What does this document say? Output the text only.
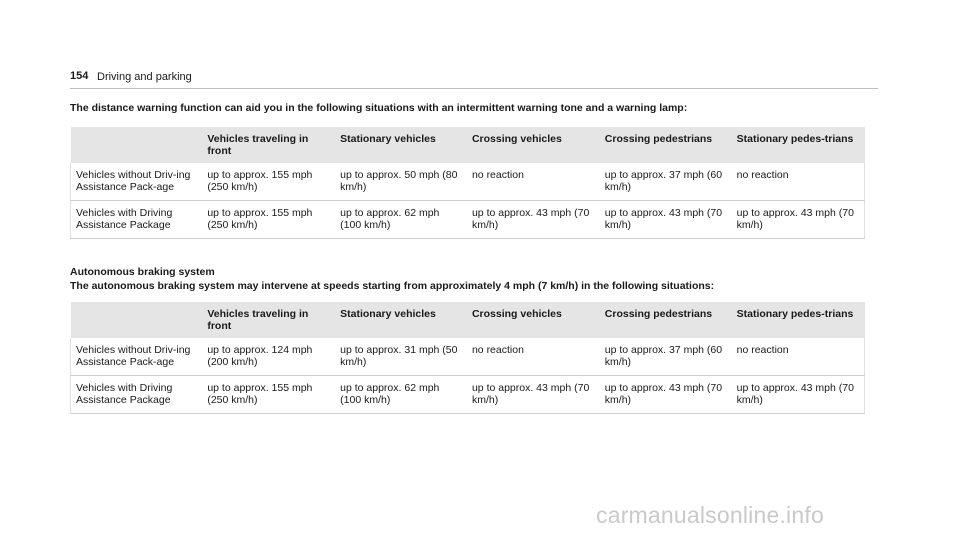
154 Driving and parking
The distance warning function can aid you in the following situations with an intermittent warning tone and a warning lamp:
	Vehicles traveling in front	Stationary vehicles	Crossing vehicles	Crossing pedestrians	Stationary pedes-trians
Vehicles without Driv-ing Assistance Pack-age	up to approx. 155 mph (250 km/h)	up to approx. 50 mph (80 km/h)	no reaction	up to approx. 37 mph (60 km/h)	no reaction
Vehicles with Driving Assistance Package	up to approx. 155 mph (250 km/h)	up to approx. 62 mph (100 km/h)	up to approx. 43 mph (70 km/h)	up to approx. 43 mph (70 km/h)	up to approx. 43 mph (70 km/h)
Autonomous braking system
The autonomous braking system may intervene at speeds starting from approximately 4 mph (7 km/h) in the following situations:
	Vehicles traveling in front	Stationary vehicles	Crossing vehicles	Crossing pedestrians	Stationary pedes-trians
Vehicles without Driv-ing Assistance Pack-age	up to approx. 124 mph (200 km/h)	up to approx. 31 mph (50 km/h)	no reaction	up to approx. 37 mph (60 km/h)	no reaction
Vehicles with Driving Assistance Package	up to approx. 155 mph (250 km/h)	up to approx. 62 mph (100 km/h)	up to approx. 43 mph (70 km/h)	up to approx. 43 mph (70 km/h)	up to approx. 43 mph (70 km/h)
carmanualsonline.info
